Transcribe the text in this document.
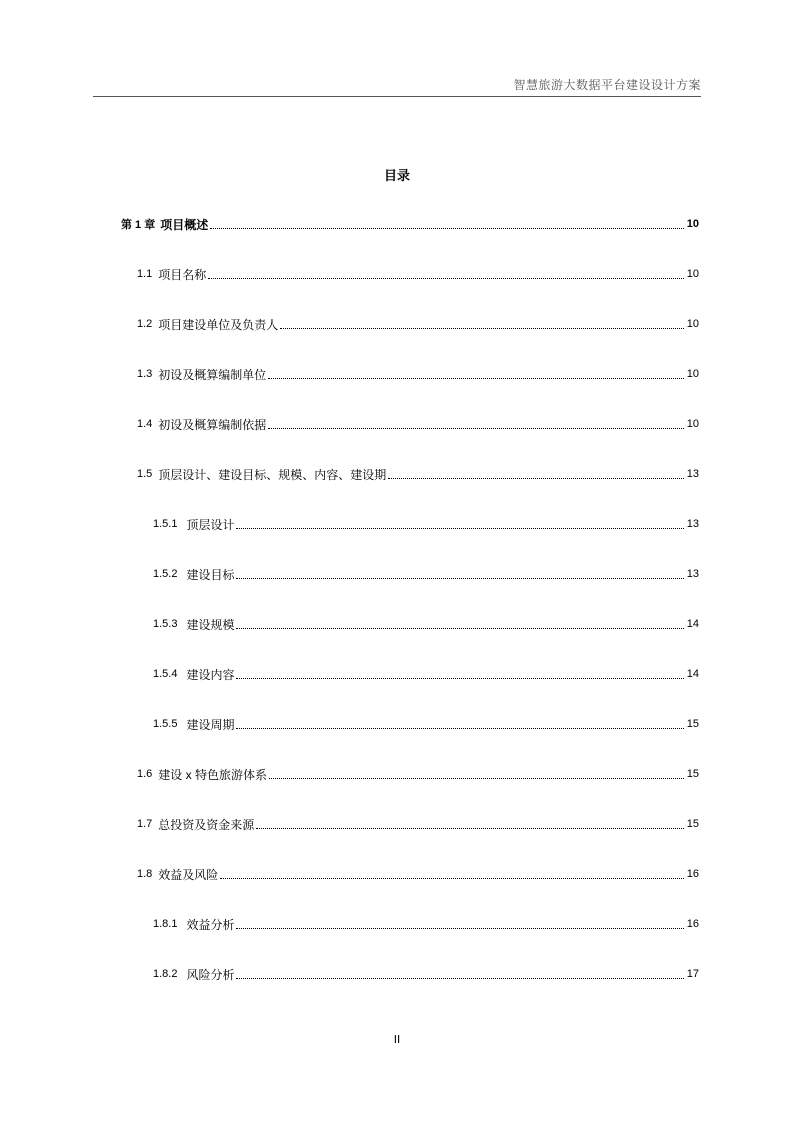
智慧旅游大数据平台建设设计方案
目录
第 1 章 项目概述	10
1.1 项目名称	10
1.2 项目建设单位及负责人	10
1.3 初设及概算编制单位	10
1.4 初设及概算编制依据	10
1.5 顶层设计、建设目标、规模、内容、建设期	13
1.5.1 顶层设计	13
1.5.2 建设目标	13
1.5.3 建设规模	14
1.5.4 建设内容	14
1.5.5 建设周期	15
1.6 建设 x 特色旅游体系	15
1.7 总投资及资金来源	15
1.8 效益及风险	16
1.8.1 效益分析	16
1.8.2 风险分析	17
II
